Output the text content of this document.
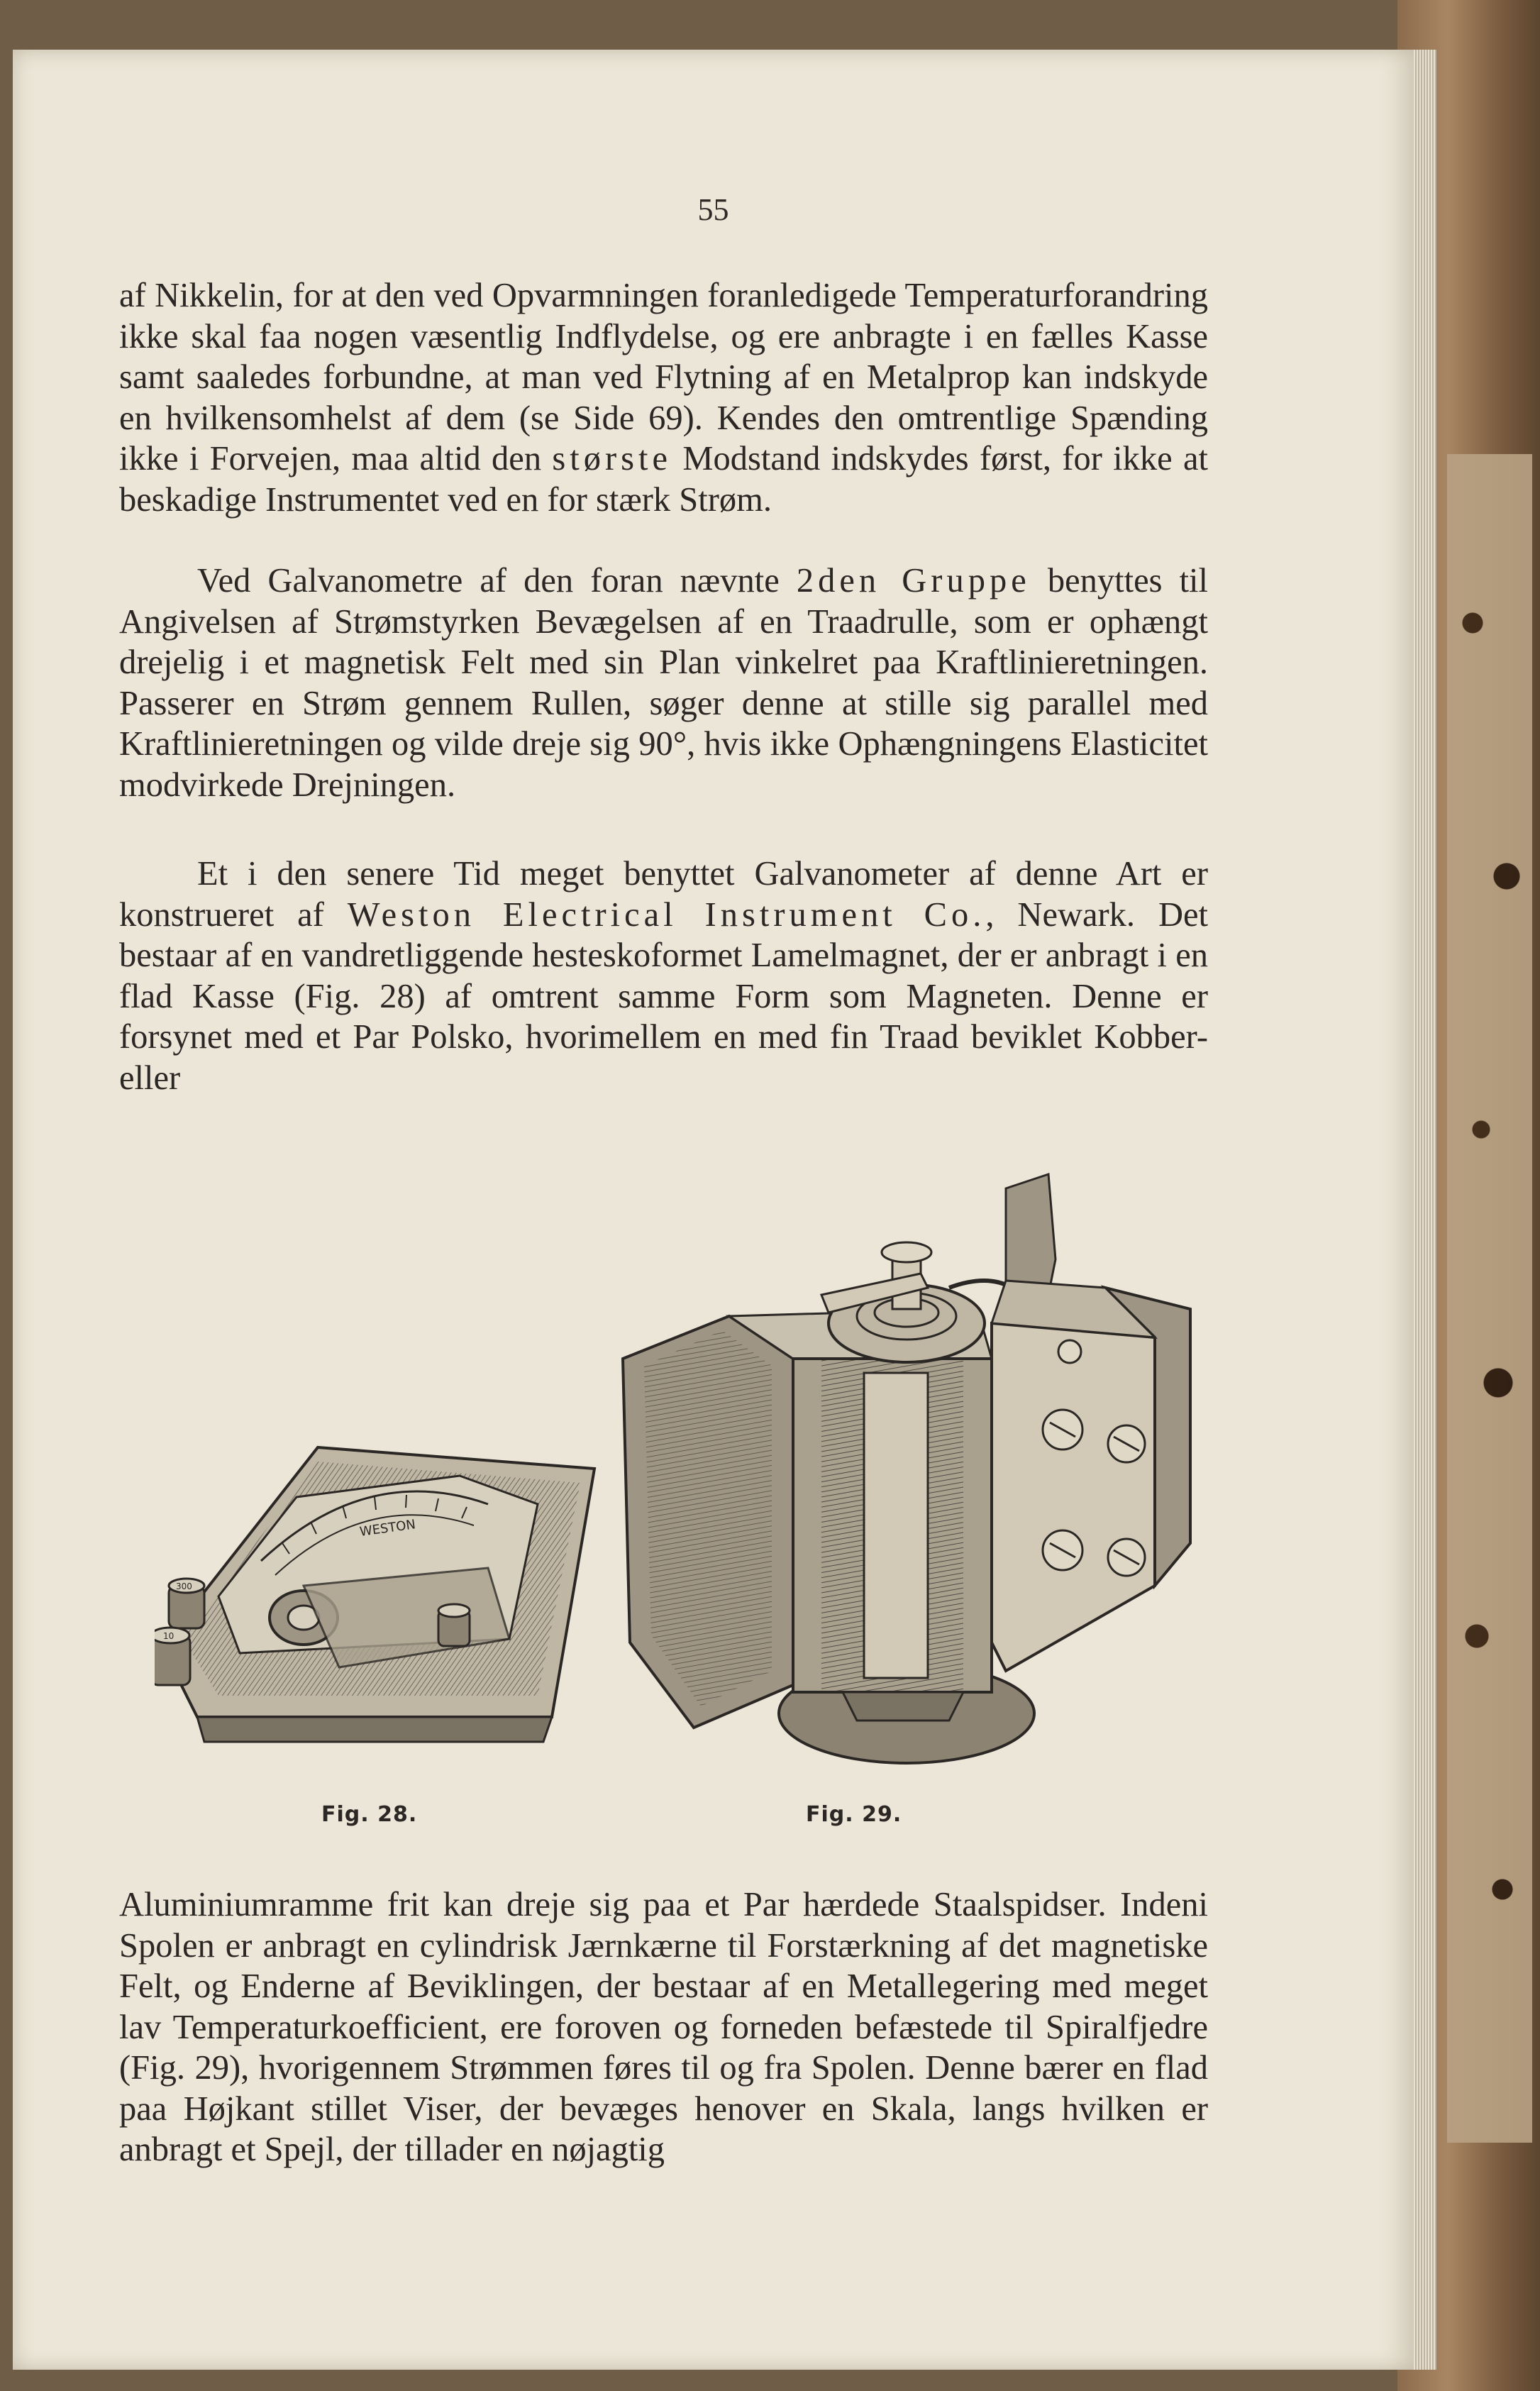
55

af Nikkelin, for at den ved Opvarmningen foranledigede Temperaturforandring ikke skal faa nogen væsentlig Indflydelse, og ere anbragte i en fælles Kasse samt saaledes forbundne, at man ved Flytning af en Metalprop kan indskyde en hvilkensomhelst af dem (se Side 69). Kendes den omtrentlige Spænding ikke i Forvejen, maa altid den største Modstand indskydes først, for ikke at beskadige Instrumentet ved en for stærk Strøm.

Ved Galvanometre af den foran nævnte 2den Gruppe benyttes til Angivelsen af Strømstyrken Bevægelsen af en Traadrulle, som er ophængt drejelig i et magnetisk Felt med sin Plan vinkelret paa Kraftlinieretningen. Passerer en Strøm gennem Rullen, søger denne at stille sig parallel med Kraftlinieretningen og vilde dreje sig 90°, hvis ikke Ophængningens Elasticitet modvirkede Drejningen.

Et i den senere Tid meget benyttet Galvanometer af denne Art er konstrueret af Weston Electrical Instrument Co., Newark. Det bestaar af en vandretliggende hesteskoformet Lamelmagnet, der er anbragt i en flad Kasse (Fig. 28) af omtrent samme Form som Magneten. Denne er forsynet med et Par Polsko, hvorimellem en med fin Traad beviklet Kobber- eller

WESTON
300
10
Fig. 28.	Fig. 29.

Aluminiumramme frit kan dreje sig paa et Par hærdede Staalspidser. Indeni Spolen er anbragt en cylindrisk Jærnkærne til Forstærkning af det magnetiske Felt, og Enderne af Beviklingen, der bestaar af en Metallegering med meget lav Temperaturkoefficient, ere foroven og forneden befæstede til Spiralfjedre (Fig. 29), hvorigennem Strømmen føres til og fra Spolen. Denne bærer en flad paa Højkant stillet Viser, der bevæges henover en Skala, langs hvilken er anbragt et Spejl, der tillader en nøjagtig
